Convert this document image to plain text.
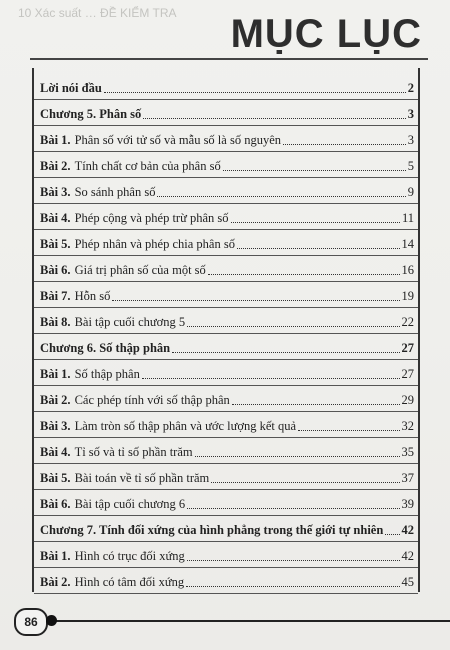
10 Xác suất … ĐỀ KIỂM TRA	MỤC LỤC
Lời nói đầu	2
Chương 5. Phân số	3
Bài 1. Phân số với tử số và mẫu số là số nguyên	3
Bài 2. Tính chất cơ bản của phân số	5
Bài 3. So sánh phân số	9
Bài 4. Phép cộng và phép trừ phân số	11
Bài 5. Phép nhân và phép chia phân số	14
Bài 6. Giá trị phân số của một số	16
Bài 7. Hỗn số	19
Bài 8. Bài tập cuối chương 5	22
Chương 6. Số thập phân	27
Bài 1. Số thập phân	27
Bài 2. Các phép tính với số thập phân	29
Bài 3. Làm tròn số thập phân và ước lượng kết quả	32
Bài 4. Tỉ số và tỉ số phần trăm	35
Bài 5. Bài toán về tỉ số phần trăm	37
Bài 6. Bài tập cuối chương 6	39
Chương 7. Tính đối xứng của hình phẳng trong thế giới tự nhiên 42
Bài 1. Hình có trục đối xứng	42
Bài 2. Hình có tâm đối xứng	45
86
